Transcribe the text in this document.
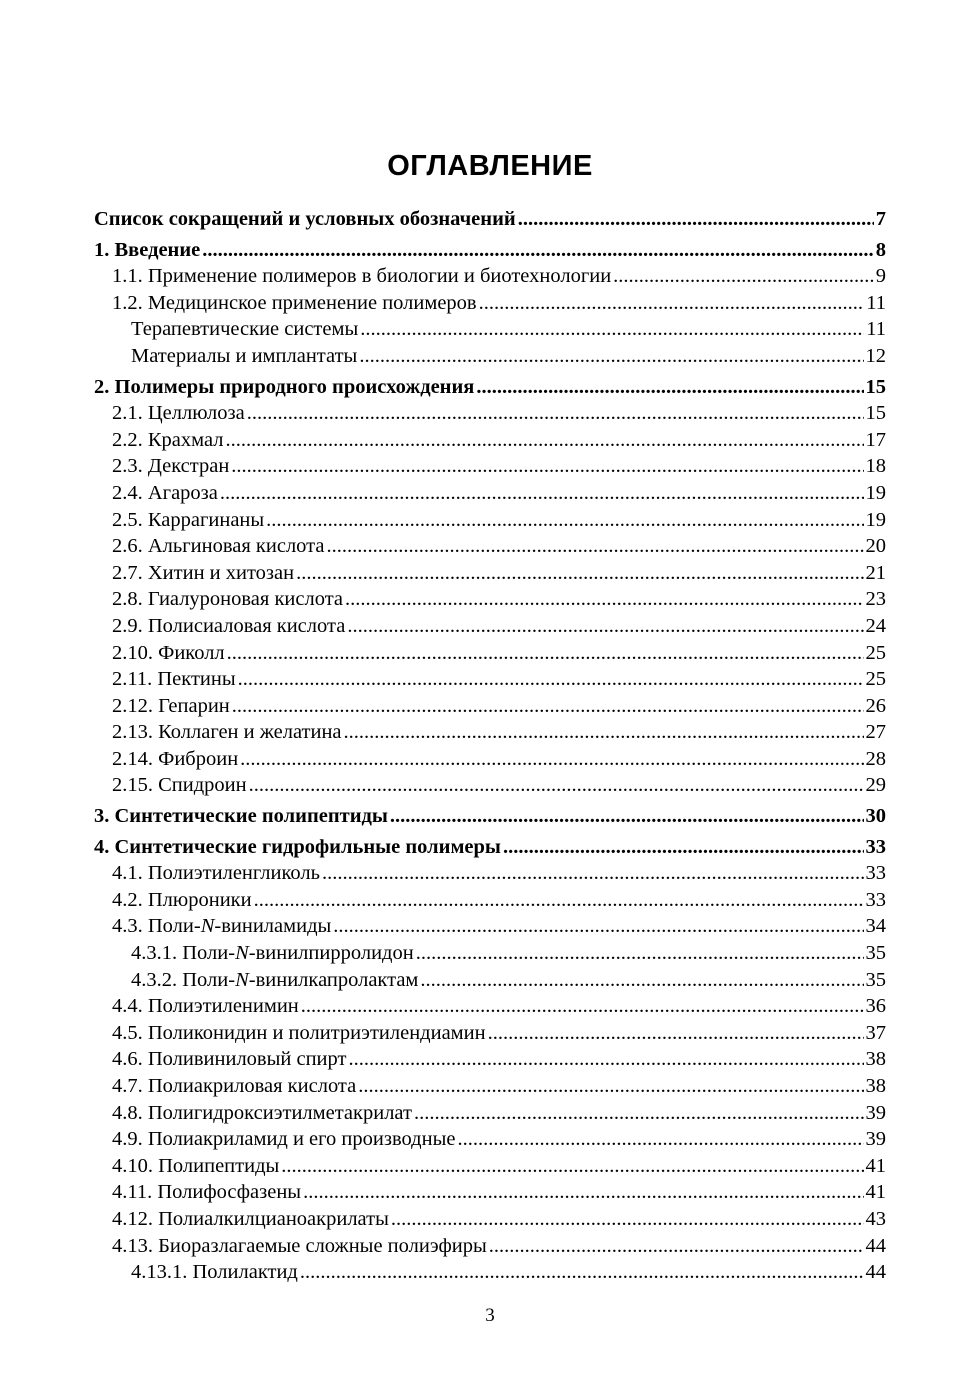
ОГЛАВЛЕНИЕ
Список сокращений и условных обозначений .....	7
1. Введение .....	8
1.1. Применение полимеров в биологии и биотехнологии .....	9
1.2. Медицинское применение полимеров .....	11
Терапевтические системы .....	11
Материалы и имплантаты .....	12
2. Полимеры природного происхождения .....	15
2.1. Целлюлоза .....	15
2.2. Крахмал .....	17
2.3. Декстран .....	18
2.4. Агароза .....	19
2.5. Каррагинаны .....	19
2.6. Альгиновая кислота .....	20
2.7. Хитин и хитозан .....	21
2.8. Гиалуроновая кислота .....	23
2.9. Полисиаловая кислота .....	24
2.10. Фиколл .....	25
2.11. Пектины .....	25
2.12. Гепарин .....	26
2.13. Коллаген и желатина .....	27
2.14. Фиброин .....	28
2.15. Спидроин .....	29
3. Синтетические полипептиды .....	30
4. Синтетические гидрофильные полимеры .....	33
4.1. Полиэтиленгликоль .....	33
4.2. Плюроники .....	33
4.3. Поли-N-виниламиды .....	34
4.3.1. Поли-N-винилпирролидон .....	35
4.3.2. Поли-N-винилкапролактам .....	35
4.4. Полиэтиленимин .....	36
4.5. Поликонидин и политриэтилендиамин .....	37
4.6. Поливиниловый спирт .....	38
4.7. Полиакриловая кислота .....	38
4.8. Полигидроксиэтилметакрилат .....	39
4.9. Полиакриламид и его производные .....	39
4.10. Полипептиды .....	41
4.11. Полифосфазены .....	41
4.12. Полиалкилцианоакрилаты .....	43
4.13. Биоразлагаемые сложные полиэфиры .....	44
4.13.1. Полилактид .....	44
3
